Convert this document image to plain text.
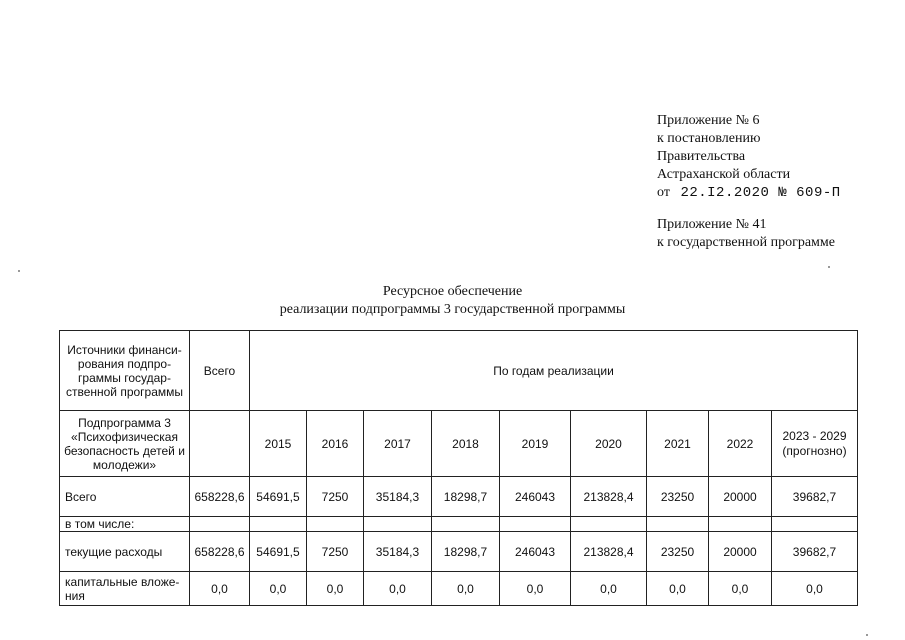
Приложение № 6
к постановлению
Правительства
Астраханской области
от 22.I2.2020 № 609-П
Приложение № 41
к государственной программе
Ресурсное обеспечение
реализации подпрограммы 3 государственной программы
Источники финанси-рования подпро-граммы государ-ственной программы	Всего	По годам реализации								
Подпрограмма 3 «Психофизическая безопасность детей и молодежи»		2015	2016	2017	2018	2019	2020	2021	2022	2023 - 2029 (прогнозно)
Всего	658228,6	54691,5	7250	35184,3	18298,7	246043	213828,4	23250	20000	39682,7
в том числе:										
текущие расходы	658228,6	54691,5	7250	35184,3	18298,7	246043	213828,4	23250	20000	39682,7
капитальные вложе-ния	0,0	0,0	0,0	0,0	0,0	0,0	0,0	0,0	0,0	0,0
